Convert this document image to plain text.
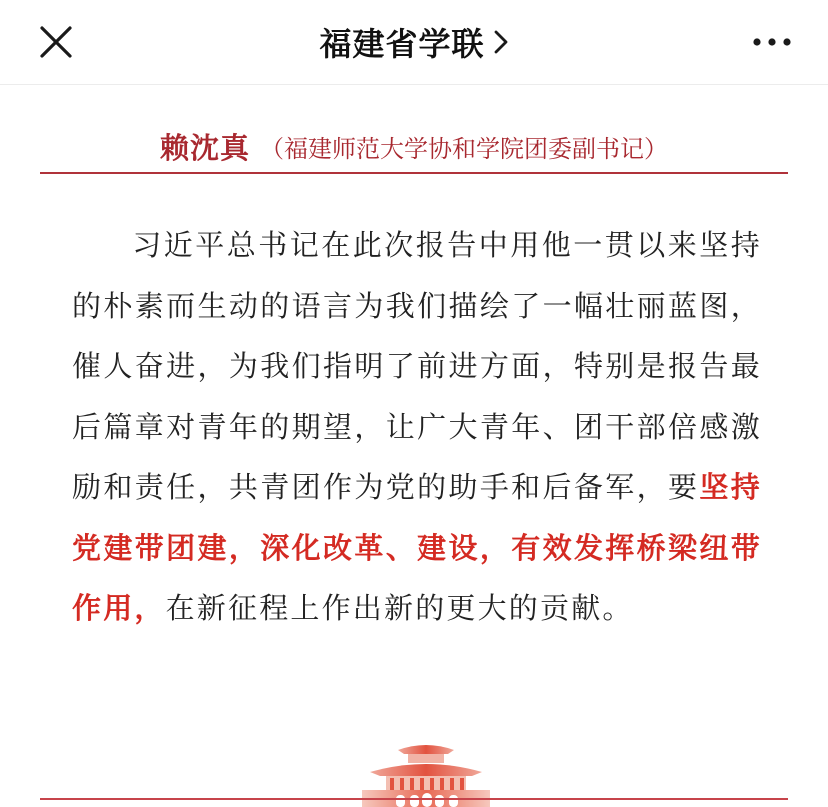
福建省学联
赖沈真 （福建师范大学协和学院团委副书记）

习近平总书记在此次报告中用他一贯以来坚持的朴素而生动的语言为我们描绘了一幅壮丽蓝图，催人奋进，为我们指明了前进方面，特别是报告最后篇章对青年的期望，让广大青年、团干部倍感激励和责任，共青团作为党的助手和后备军，要坚持党建带团建，深化改革、建设，有效发挥桥梁纽带作用，在新征程上作出新的更大的贡献。
